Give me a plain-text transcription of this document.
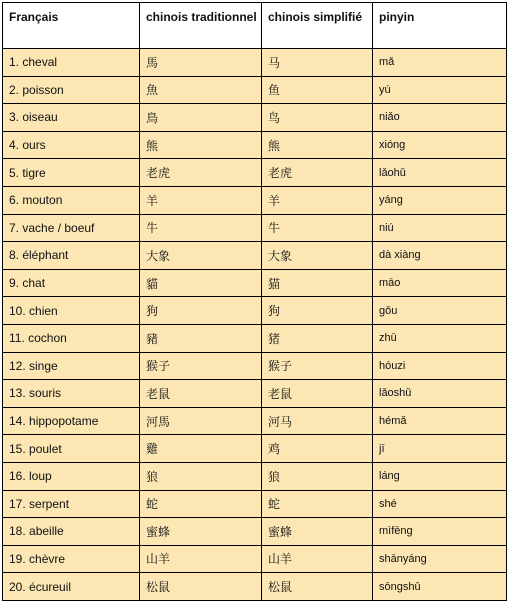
Français	chinois traditionnel	chinois simplifié	pinyin
1. cheval	馬	马	mǎ
2. poisson	魚	鱼	yú
3. oiseau	鳥	鸟	niǎo
4. ours	熊	熊	xióng
5. tigre	老虎	老虎	lǎohǔ
6. mouton	羊	羊	yáng
7. vache / boeuf	牛	牛	niú
8. éléphant	大象	大象	dà xiàng
9. chat	貓	猫	māo
10. chien	狗	狗	gǒu
11. cochon	豬	猪	zhū
12. singe	猴子	猴子	hóuzi
13. souris	老鼠	老鼠	lǎoshǔ
14. hippopotame	河馬	河马	hémǎ
15. poulet	雞	鸡	jī
16. loup	狼	狼	láng
17. serpent	蛇	蛇	shé
18. abeille	蜜蜂	蜜蜂	mìfēng
19. chèvre	山羊	山羊	shānyáng
20. écureuil	松鼠	松鼠	sōngshǔ
